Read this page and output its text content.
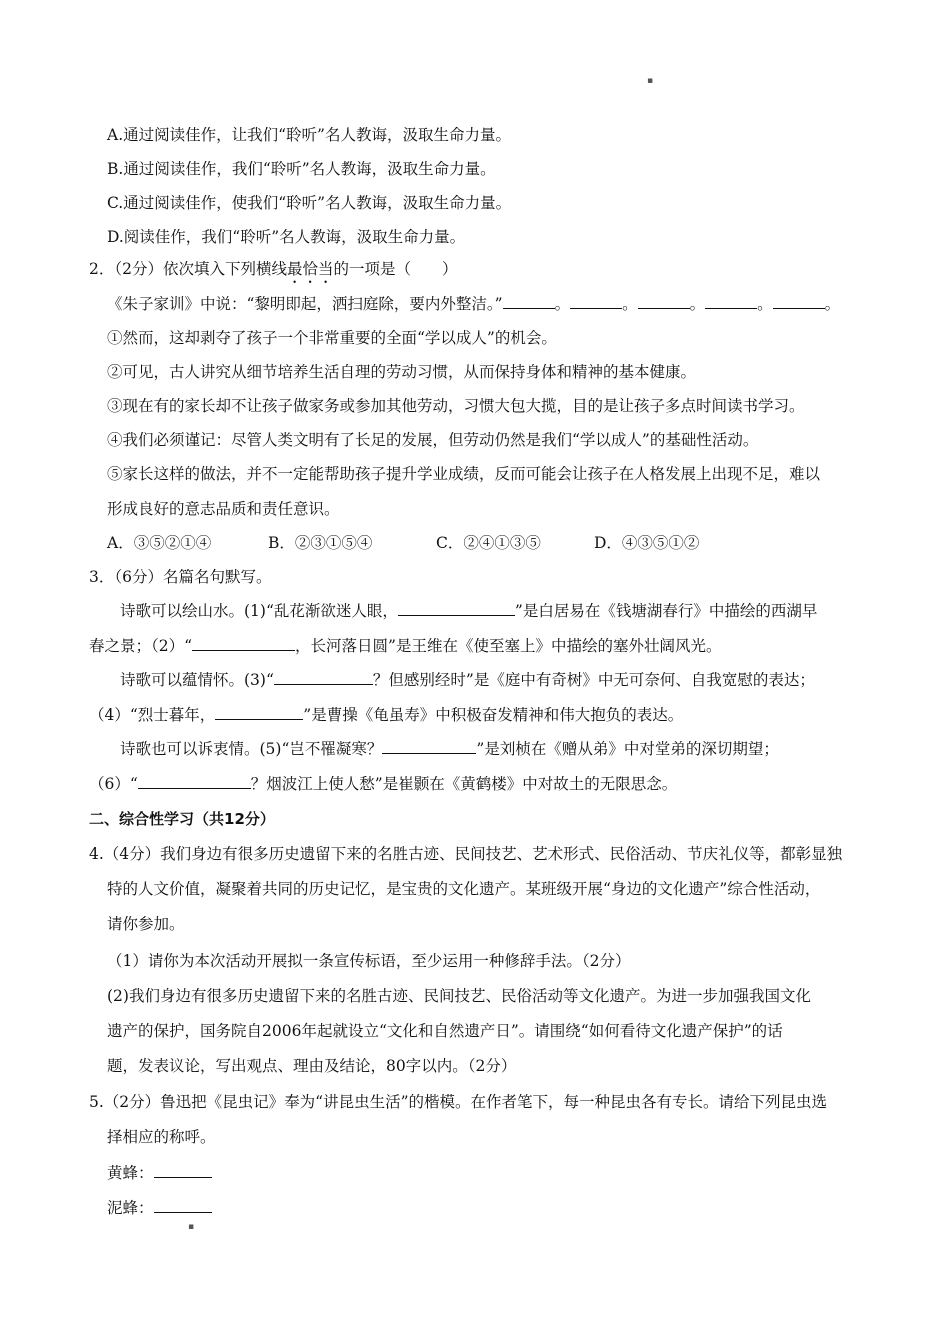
▪
A.通过阅读佳作，让我们“聆听”名人教诲，汲取生命力量。
B.通过阅读佳作，我们“聆听”名人教诲，汲取生命力量。
C.通过阅读佳作，使我们“聆听”名人教诲，汲取生命力量。
D.阅读佳作，我们“聆听”名人教诲，汲取生命力量。
2．（2分）依次填入下列横线最恰当的一项是（　　）
《朱子家训》中说：“黎明即起，洒扫庭除，要内外整洁。”	。	。	。	。	。
①然而，这却剥夺了孩子一个非常重要的全面“学以成人”的机会。
②可见，古人讲究从细节培养生活自理的劳动习惯，从而保持身体和精神的基本健康。
③现在有的家长却不让孩子做家务或参加其他劳动，习惯大包大揽，目的是让孩子多点时间读书学习。
④我们必须谨记：尽管人类文明有了长足的发展，但劳动仍然是我们“学以成人”的基础性活动。
⑤家长这样的做法，并不一定能帮助孩子提升学业成绩，反而可能会让孩子在人格发展上出现不足，难以
形成良好的意志品质和责任意识。
A．③⑤②①④	B．②③①⑤④	C．②④①③⑤	D．④③⑤①②
3．（6分）名篇名句默写。
诗歌可以绘山水。(1)“乱花渐欲迷人眼，	”是白居易在《钱塘湖春行》中描绘的西湖早
春之景；（2）“	，长河落日圆”是王维在《使至塞上》中描绘的塞外壮阔风光。
诗歌可以蕴情怀。(3)“	？但感别经时”是《庭中有奇树》中无可奈何、自我宽慰的表达；
（4）“烈士暮年，	”是曹操《龟虽寿》中积极奋发精神和伟大抱负的表达。
诗歌也可以诉衷情。(5)“岂不罹凝寒？	”是刘桢在《赠从弟》中对堂弟的深切期望；
（6）“	？烟波江上使人愁”是崔颢在《黄鹤楼》中对故土的无限思念。
二、综合性学习（共12分）
4.（4分）我们身边有很多历史遗留下来的名胜古迹、民间技艺、艺术形式、民俗活动、节庆礼仪等，都彰显独
特的人文价值，凝聚着共同的历史记忆，是宝贵的文化遗产。某班级开展“身边的文化遗产”综合性活动，
请你参加。
（1）请你为本次活动开展拟一条宣传标语，至少运用一种修辞手法。（2分）
(2)我们身边有很多历史遗留下来的名胜古迹、民间技艺、民俗活动等文化遗产。为进一步加强我国文化
遗产的保护，国务院自2006年起就设立“文化和自然遗产日”。请围绕“如何看待文化遗产保护”的话
题，发表议论，写出观点、理由及结论，80字以内。（2分）
5.（2分）鲁迅把《昆虫记》奉为“讲昆虫生活”的楷模。在作者笔下，每一种昆虫各有专长。请给下列昆虫选
择相应的称呼。
黄蜂：
泥蜂：
▪
